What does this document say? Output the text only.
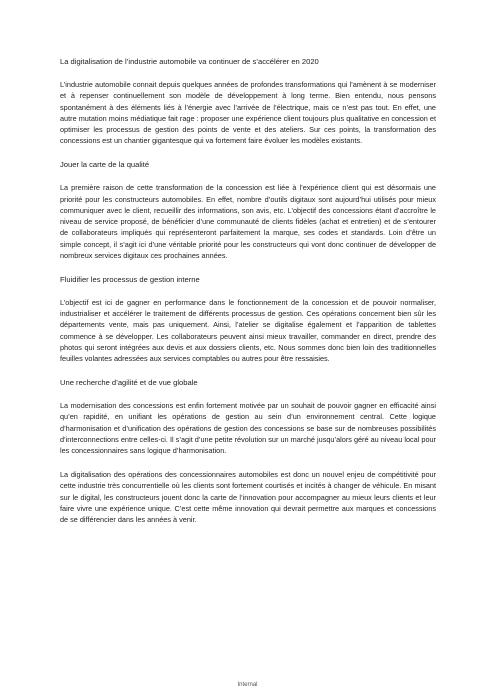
La digitalisation de l’industrie automobile va continuer de s’accélérer en 2020

L’industrie automobile connait depuis quelques années de profondes transformations qui l’amènent à se moderniser et à repenser continuellement son modèle de développement à long terme. Bien entendu, nous pensons spontanément à des éléments liés à l’énergie avec l’arrivée de l’électrique, mais ce n’est pas tout. En effet, une autre mutation moins médiatique fait rage : proposer une expérience client toujours plus qualitative en concession et optimiser les processus de gestion des points de vente et des ateliers. Sur ces points, la transformation des concessions est un chantier gigantesque qui va fortement faire évoluer les modèles existants.

Jouer la carte de la qualité

La première raison de cette transformation de la concession est liée à l’expérience client qui est désormais une priorité pour les constructeurs automobiles. En effet, nombre d’outils digitaux sont aujourd’hui utilisés pour mieux communiquer avec le client, recueillir des informations, son avis, etc. L’objectif des concessions étant d’accroître le niveau de service proposé, de bénéficier d’une communauté de clients fidèles (achat et entretien) et de s’entourer de collaborateurs impliqués qui représenteront parfaitement la marque, ses codes et standards. Loin d’être un simple concept, il s’agit ici d’une véritable priorité pour les constructeurs qui vont donc continuer de développer de nombreux services digitaux ces prochaines années.

Fluidifier les processus de gestion interne

L’objectif est ici de gagner en performance dans le fonctionnement de la concession et de pouvoir normaliser, industrialiser et accélérer le traitement de différents processus de gestion. Ces opérations concernent bien sûr les départements vente, mais pas uniquement. Ainsi, l’atelier se digitalise également et l’apparition de tablettes commence à se développer. Les collaborateurs peuvent ainsi mieux travailler, commander en direct, prendre des photos qui seront intégrées aux devis et aux dossiers clients, etc. Nous sommes donc bien loin des traditionnelles feuilles volantes adressées aux services comptables ou autres pour être ressaisies.

Une recherche d’agilité et de vue globale

La modernisation des concessions est enfin fortement motivée par un souhait de pouvoir gagner en efficacité ainsi qu’en rapidité, en unifiant les opérations de gestion au sein d’un environnement central. Cette logique d’harmonisation et d’unification des opérations de gestion des concessions se base sur de nombreuses possibilités d’interconnections entre celles-ci. Il s’agit d’une petite révolution sur un marché jusqu’alors géré au niveau local pour les concessionnaires sans logique d’harmonisation.

La digitalisation des opérations des concessionnaires automobiles est donc un nouvel enjeu de compétitivité pour cette industrie très concurrentielle où les clients sont fortement courtisés et incités à changer de véhicule. En misant sur le digital, les constructeurs jouent donc la carte de l’innovation pour accompagner au mieux leurs clients et leur faire vivre une expérience unique. C’est cette même innovation qui devrait permettre aux marques et concessions de se différencier dans les années à venir.

Internal
